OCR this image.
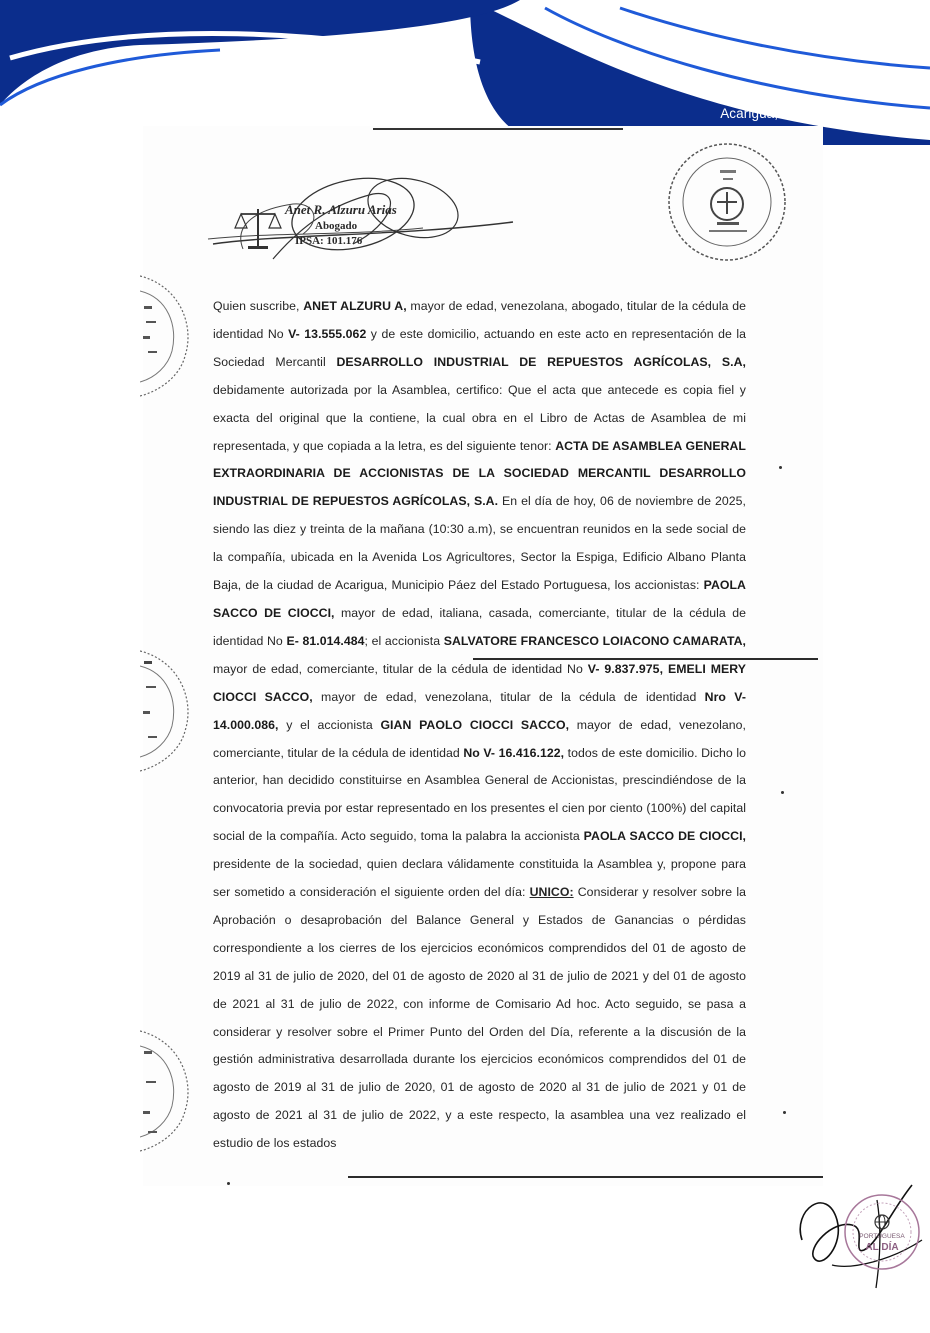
Acarigua, 08 de Enero de 2026
Anet R. Alzuru Arias
Abogado
IPSA: 101.176
Quien suscribe, ANET ALZURU A, mayor de edad, venezolana, abogado, titular de la cédula de identidad No V- 13.555.062 y de este domicilio, actuando en este acto en representación de la Sociedad Mercantil DESARROLLO INDUSTRIAL DE REPUESTOS AGRÍCOLAS, S.A, debidamente autorizada por la Asamblea, certifico: Que el acta que antecede es copia fiel y exacta del original que la contiene, la cual obra en el Libro de Actas de Asamblea de mi representada, y que copiada a la letra, es del siguiente tenor: ACTA DE ASAMBLEA GENERAL EXTRAORDINARIA DE ACCIONISTAS DE LA SOCIEDAD MERCANTIL DESARROLLO INDUSTRIAL DE REPUESTOS AGRÍCOLAS, S.A. En el día de hoy, 06 de noviembre de 2025, siendo las diez y treinta de la mañana (10:30 a.m), se encuentran reunidos en la sede social de la compañía, ubicada en la Avenida Los Agricultores, Sector la Espiga, Edificio Albano Planta Baja, de la ciudad de Acarigua, Municipio Páez del Estado Portuguesa, los accionistas: PAOLA SACCO DE CIOCCI, mayor de edad, italiana, casada, comerciante, titular de la cédula de identidad No E- 81.014.484; el accionista SALVATORE FRANCESCO LOIACONO CAMARATA, mayor de edad, comerciante, titular de la cédula de identidad No V- 9.837.975, EMELI MERY CIOCCI SACCO, mayor de edad, venezolana, titular de la cédula de identidad Nro V- 14.000.086, y el accionista GIAN PAOLO CIOCCI SACCO, mayor de edad, venezolano, comerciante, titular de la cédula de identidad No V- 16.416.122, todos de este domicilio. Dicho lo anterior, han decidido constituirse en Asamblea General de Accionistas, prescindiéndose de la convocatoria previa por estar representado en los presentes el cien por ciento (100%) del capital social de la compañía. Acto seguido, toma la palabra la accionista PAOLA SACCO DE CIOCCI, presidente de la sociedad, quien declara válidamente constituida la Asamblea y, propone para ser sometido a consideración el siguiente orden del día: UNICO: Considerar y resolver sobre la Aprobación o desaprobación del Balance General y Estados de Ganancias o pérdidas correspondiente a los cierres de los ejercicios económicos comprendidos del 01 de agosto de 2019 al 31 de julio de 2020, del 01 de agosto de 2020 al 31 de julio de 2021 y del 01 de agosto de 2021 al 31 de julio de 2022, con informe de Comisario Ad hoc. Acto seguido, se pasa a considerar y resolver sobre el Primer Punto del Orden del Día, referente a la discusión de la gestión administrativa desarrollada durante los ejercicios económicos comprendidos del 01 de agosto de 2019 al 31 de julio de 2020, 01 de agosto de 2020 al 31 de julio de 2021 y 01 de agosto de 2021 al 31 de julio de 2022, y a este respecto, la asamblea una vez realizado el estudio de los estados
PORTUGUESA
AL DÍA
